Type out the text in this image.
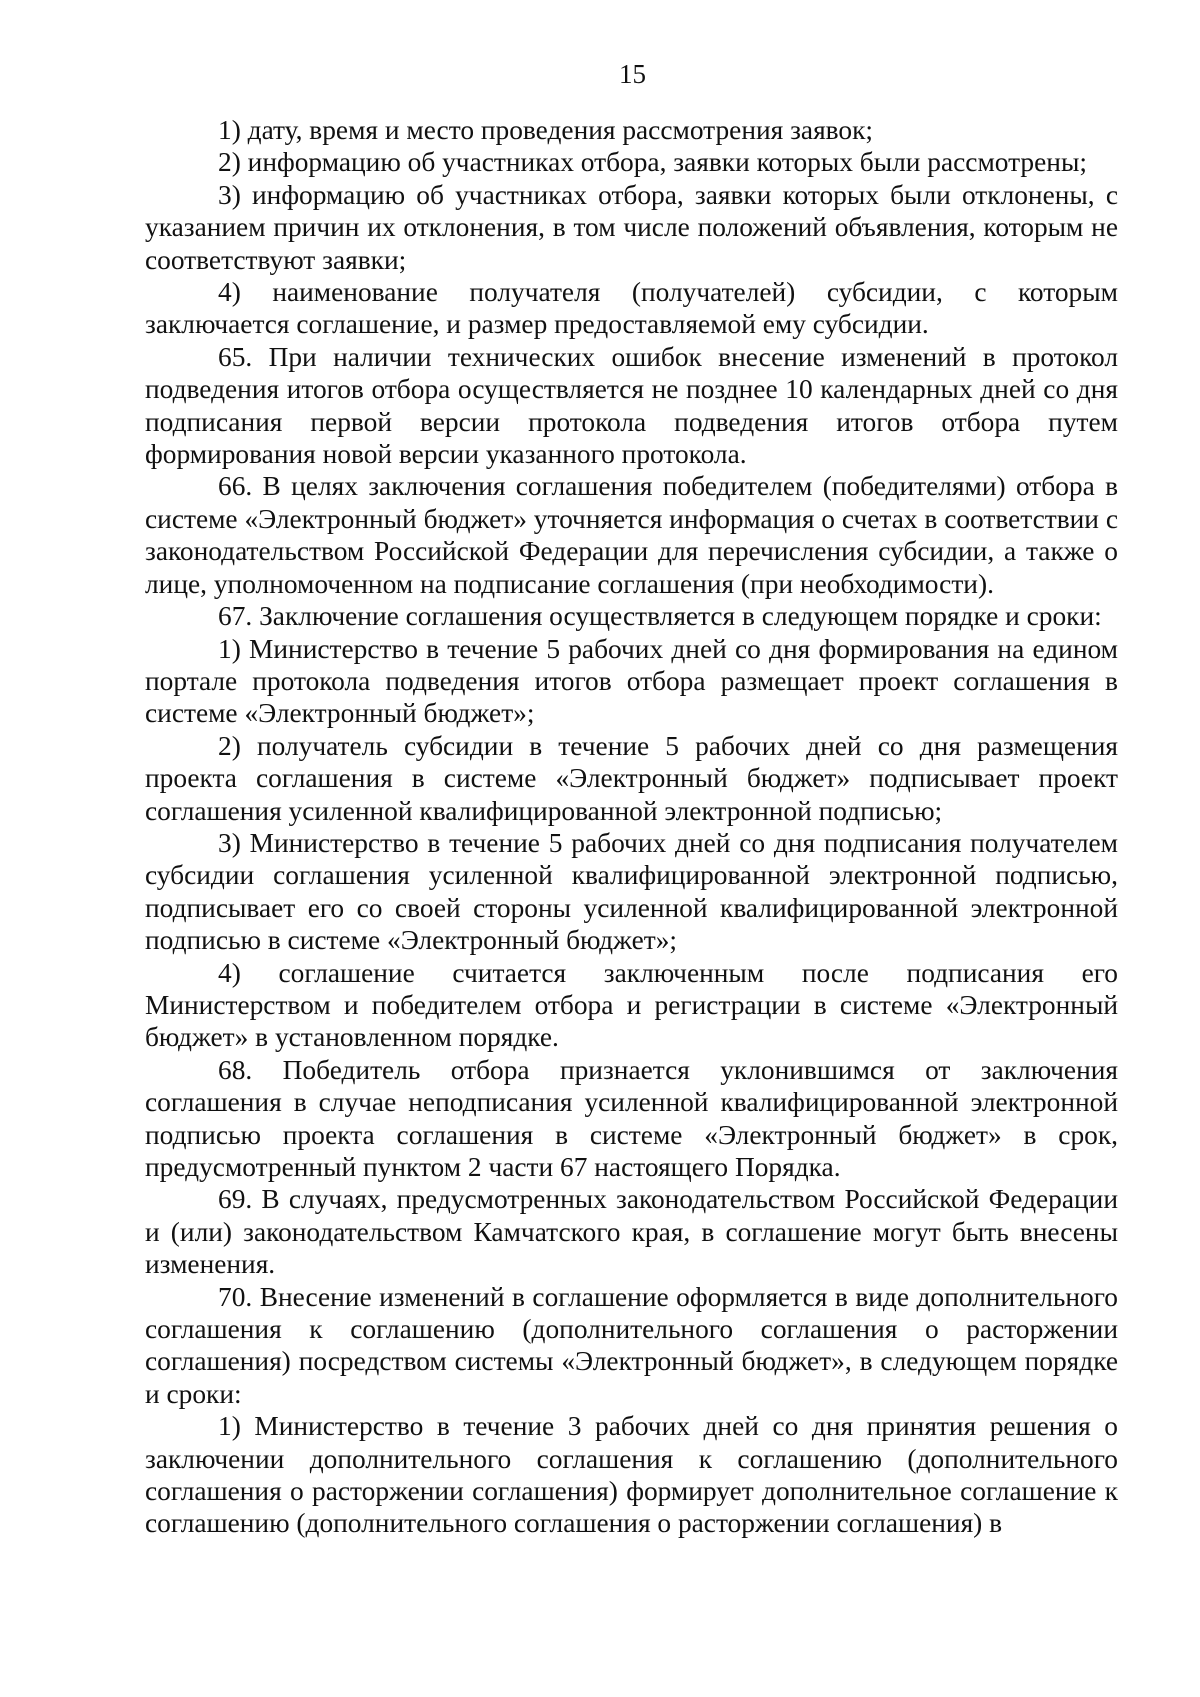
15

1) дату, время и место проведения рассмотрения заявок;

2) информацию об участниках отбора, заявки которых были рассмотрены;

3) информацию об участниках отбора, заявки которых были отклонены, с указанием причин их отклонения, в том числе положений объявления, которым не соответствуют заявки;

4) наименование получателя (получателей) субсидии, с которым заключается соглашение, и размер предоставляемой ему субсидии.

65. При наличии технических ошибок внесение изменений в протокол подведения итогов отбора осуществляется не позднее 10 календарных дней со дня подписания первой версии протокола подведения итогов отбора путем формирования новой версии указанного протокола.

66. В целях заключения соглашения победителем (победителями) отбора в системе «Электронный бюджет» уточняется информация о счетах в соответствии с законодательством Российской Федерации для перечисления субсидии, а также о лице, уполномоченном на подписание соглашения (при необходимости).

67. Заключение соглашения осуществляется в следующем порядке и сроки:

1) Министерство в течение 5 рабочих дней со дня формирования на едином портале протокола подведения итогов отбора размещает проект соглашения в системе «Электронный бюджет»;

2) получатель субсидии в течение 5 рабочих дней со дня размещения проекта соглашения в системе «Электронный бюджет» подписывает проект соглашения усиленной квалифицированной электронной подписью;

3) Министерство в течение 5 рабочих дней со дня подписания получателем субсидии соглашения усиленной квалифицированной электронной подписью, подписывает его со своей стороны усиленной квалифицированной электронной подписью в системе «Электронный бюджет»;

4) соглашение считается заключенным после подписания его Министерством и победителем отбора и регистрации в системе «Электронный бюджет» в установленном порядке.

68. Победитель отбора признается уклонившимся от заключения соглашения в случае неподписания усиленной квалифицированной электронной подписью проекта соглашения в системе «Электронный бюджет» в срок, предусмотренный пунктом 2 части 67 настоящего Порядка.

69. В случаях, предусмотренных законодательством Российской Федерации и (или) законодательством Камчатского края, в соглашение могут быть внесены изменения.

70. Внесение изменений в соглашение оформляется в виде дополнительного соглашения к соглашению (дополнительного соглашения о расторжении соглашения) посредством системы «Электронный бюджет», в следующем порядке и сроки:

1) Министерство в течение 3 рабочих дней со дня принятия решения о заключении дополнительного соглашения к соглашению (дополнительного соглашения о расторжении соглашения) формирует дополнительное соглашение к соглашению (дополнительного соглашения о расторжении соглашения) в
